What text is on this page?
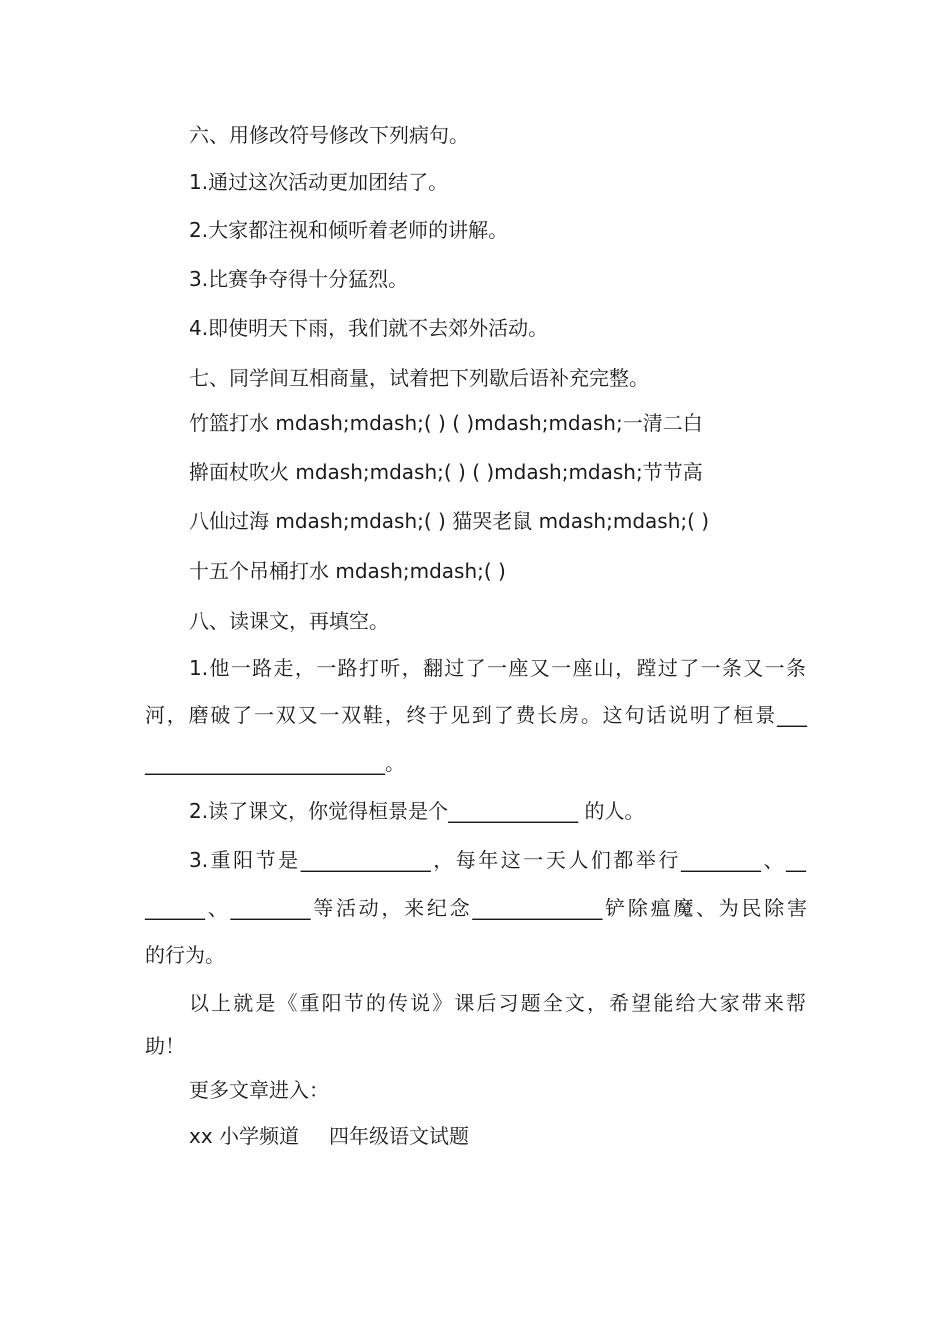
六、用修改符号修改下列病句。
1.通过这次活动更加团结了。
2.大家都注视和倾听着老师的讲解。
3.比赛争夺得十分猛烈。
4.即使明天下雨，我们就不去郊外活动。
七、同学间互相商量，试着把下列歇后语补充完整。
竹篮打水 mdash;mdash;( ) ( )mdash;mdash;一清二白
擀面杖吹火 mdash;mdash;( ) ( )mdash;mdash;节节高
八仙过海 mdash;mdash;( ) 猫哭老鼠 mdash;mdash;( )
十五个吊桶打水 mdash;mdash;( )
八、读课文，再填空。
1.他一路走，一路打听，翻过了一座又一座山，蹚过了一条又一条
河，磨破了一双又一双鞋，终于见到了费长房。这句话说明了桓景___
________________________。
2.读了课文，你觉得桓景是个_____________ 的人。
3.重阳节是_____________，每年这一天人们都举行________、__
______、________等活动，来纪念_____________铲除瘟魔、为民除害
的行为。
以上就是《重阳节的传说》课后习题全文，希望能给大家带来帮
助！
更多文章进入：
xx 小学频道 四年级语文试题
